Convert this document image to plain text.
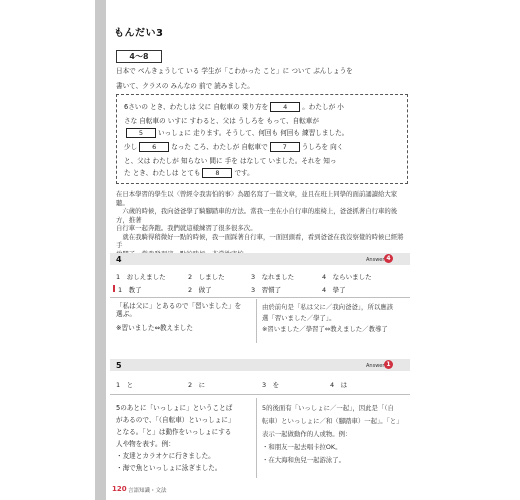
もんだい3
4～8
日本で べんきょうして いる 学生が「こわかった こと」に ついて ぶんしょうを
書いて、クラスの みんなの 前で 読みました。
6さいの とき、わたしは 父に 自転車の 乗り方を 4 。わたしが 小
さな 自転車の いすに すわると、父は うしろを もって、自転車が
5 いっしょに 走ります。そうして、何回も 何回も 練習しました。
少し 6 なった ころ、わたしが 自転車で 7 うしろを 向く
と、父は わたしが 知らない 間に 手を はなして いました。それを 知っ
た とき、わたしは とても 8 です。
在日本學習的學生以〈曾經令我害怕的事〉為題名寫了一篇文章，並且在班上同學的面前誦讀給大家聽。
　六歲的時候，我向爸爸學了騎腳踏車的方法。當我一坐在小自行車的座椅上，爸爸抓著自行車的後方，推著
自行車一起奔跑。我們就這樣練習了很多很多次。
　就在我騎得稍微好一點的時候，我一面踩著自行車，一面回頭看，看到爸爸在我沒察覺的時候已經將手
4	Answer 4
1　おしえました	2　しました	3　なれました	4　ならいました
1　教了	2　做了	3　習慣了	4　學了
「私は父に」とあるので「習いました」を
選ぶ。
※習いました⇔教えました
由於前句是「私は父に／我向爸爸」，所以應該
選「習いました／學了」。
※習いました／學習了⇔教えました／教導了
5	Answer 1
1　と	2　に	3　を	4　は
5のあとに「いっしょに」ということば
があるので、「（自転車）といっしょに」
となる。「と」は動作をいっしょにする
人や物を表す。例：
・友達とカラオケに行きました。
・海で魚といっしょに泳ぎました。
5的後面有「いっしょに／一起」，因此是「（自
転車）といっしょに／和（腳踏車）一起」。「と」
表示一起做動作的人或物。例：
・和朋友一起去唱卡拉OK。
・在大海和魚兒一起游泳了。
120 言語知識・文法
